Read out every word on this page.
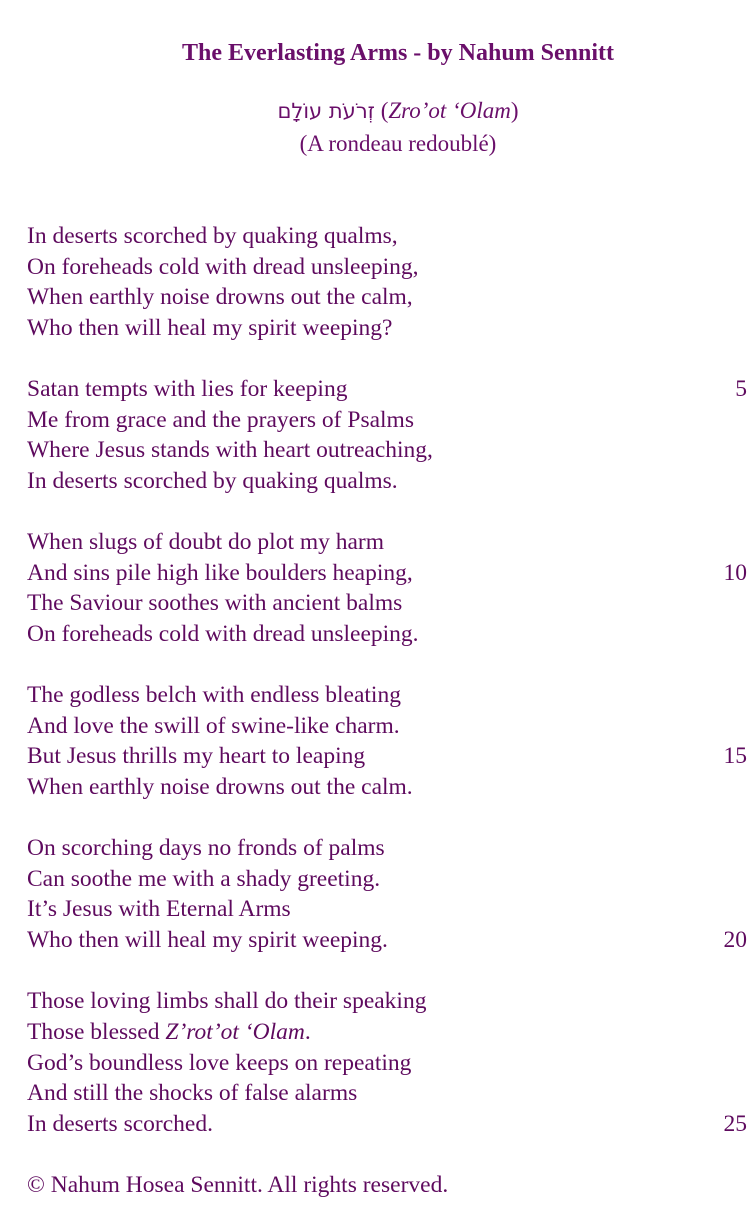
The Everlasting Arms - by Nahum Sennitt
זְרֹעֹת עוֹלָם (Zro’ot ‘Olam)
(A rondeau redoublé)
In deserts scorched by quaking qualms,
On foreheads cold with dread unsleeping,
When earthly noise drowns out the calm,
Who then will heal my spirit weeping?
Satan tempts with lies for keeping	5
Me from grace and the prayers of Psalms
Where Jesus stands with heart outreaching,
In deserts scorched by quaking qualms.
When slugs of doubt do plot my harm
And sins pile high like boulders heaping,	10
The Saviour soothes with ancient balms
On foreheads cold with dread unsleeping.
The godless belch with endless bleating
And love the swill of swine-like charm.
But Jesus thrills my heart to leaping	15
When earthly noise drowns out the calm.
On scorching days no fronds of palms
Can soothe me with a shady greeting.
It’s Jesus with Eternal Arms
Who then will heal my spirit weeping.	20
Those loving limbs shall do their speaking
Those blessed Z’rot’ot ‘Olam.
God’s boundless love keeps on repeating
And still the shocks of false alarms
In deserts scorched.	25
© Nahum Hosea Sennitt. All rights reserved.
